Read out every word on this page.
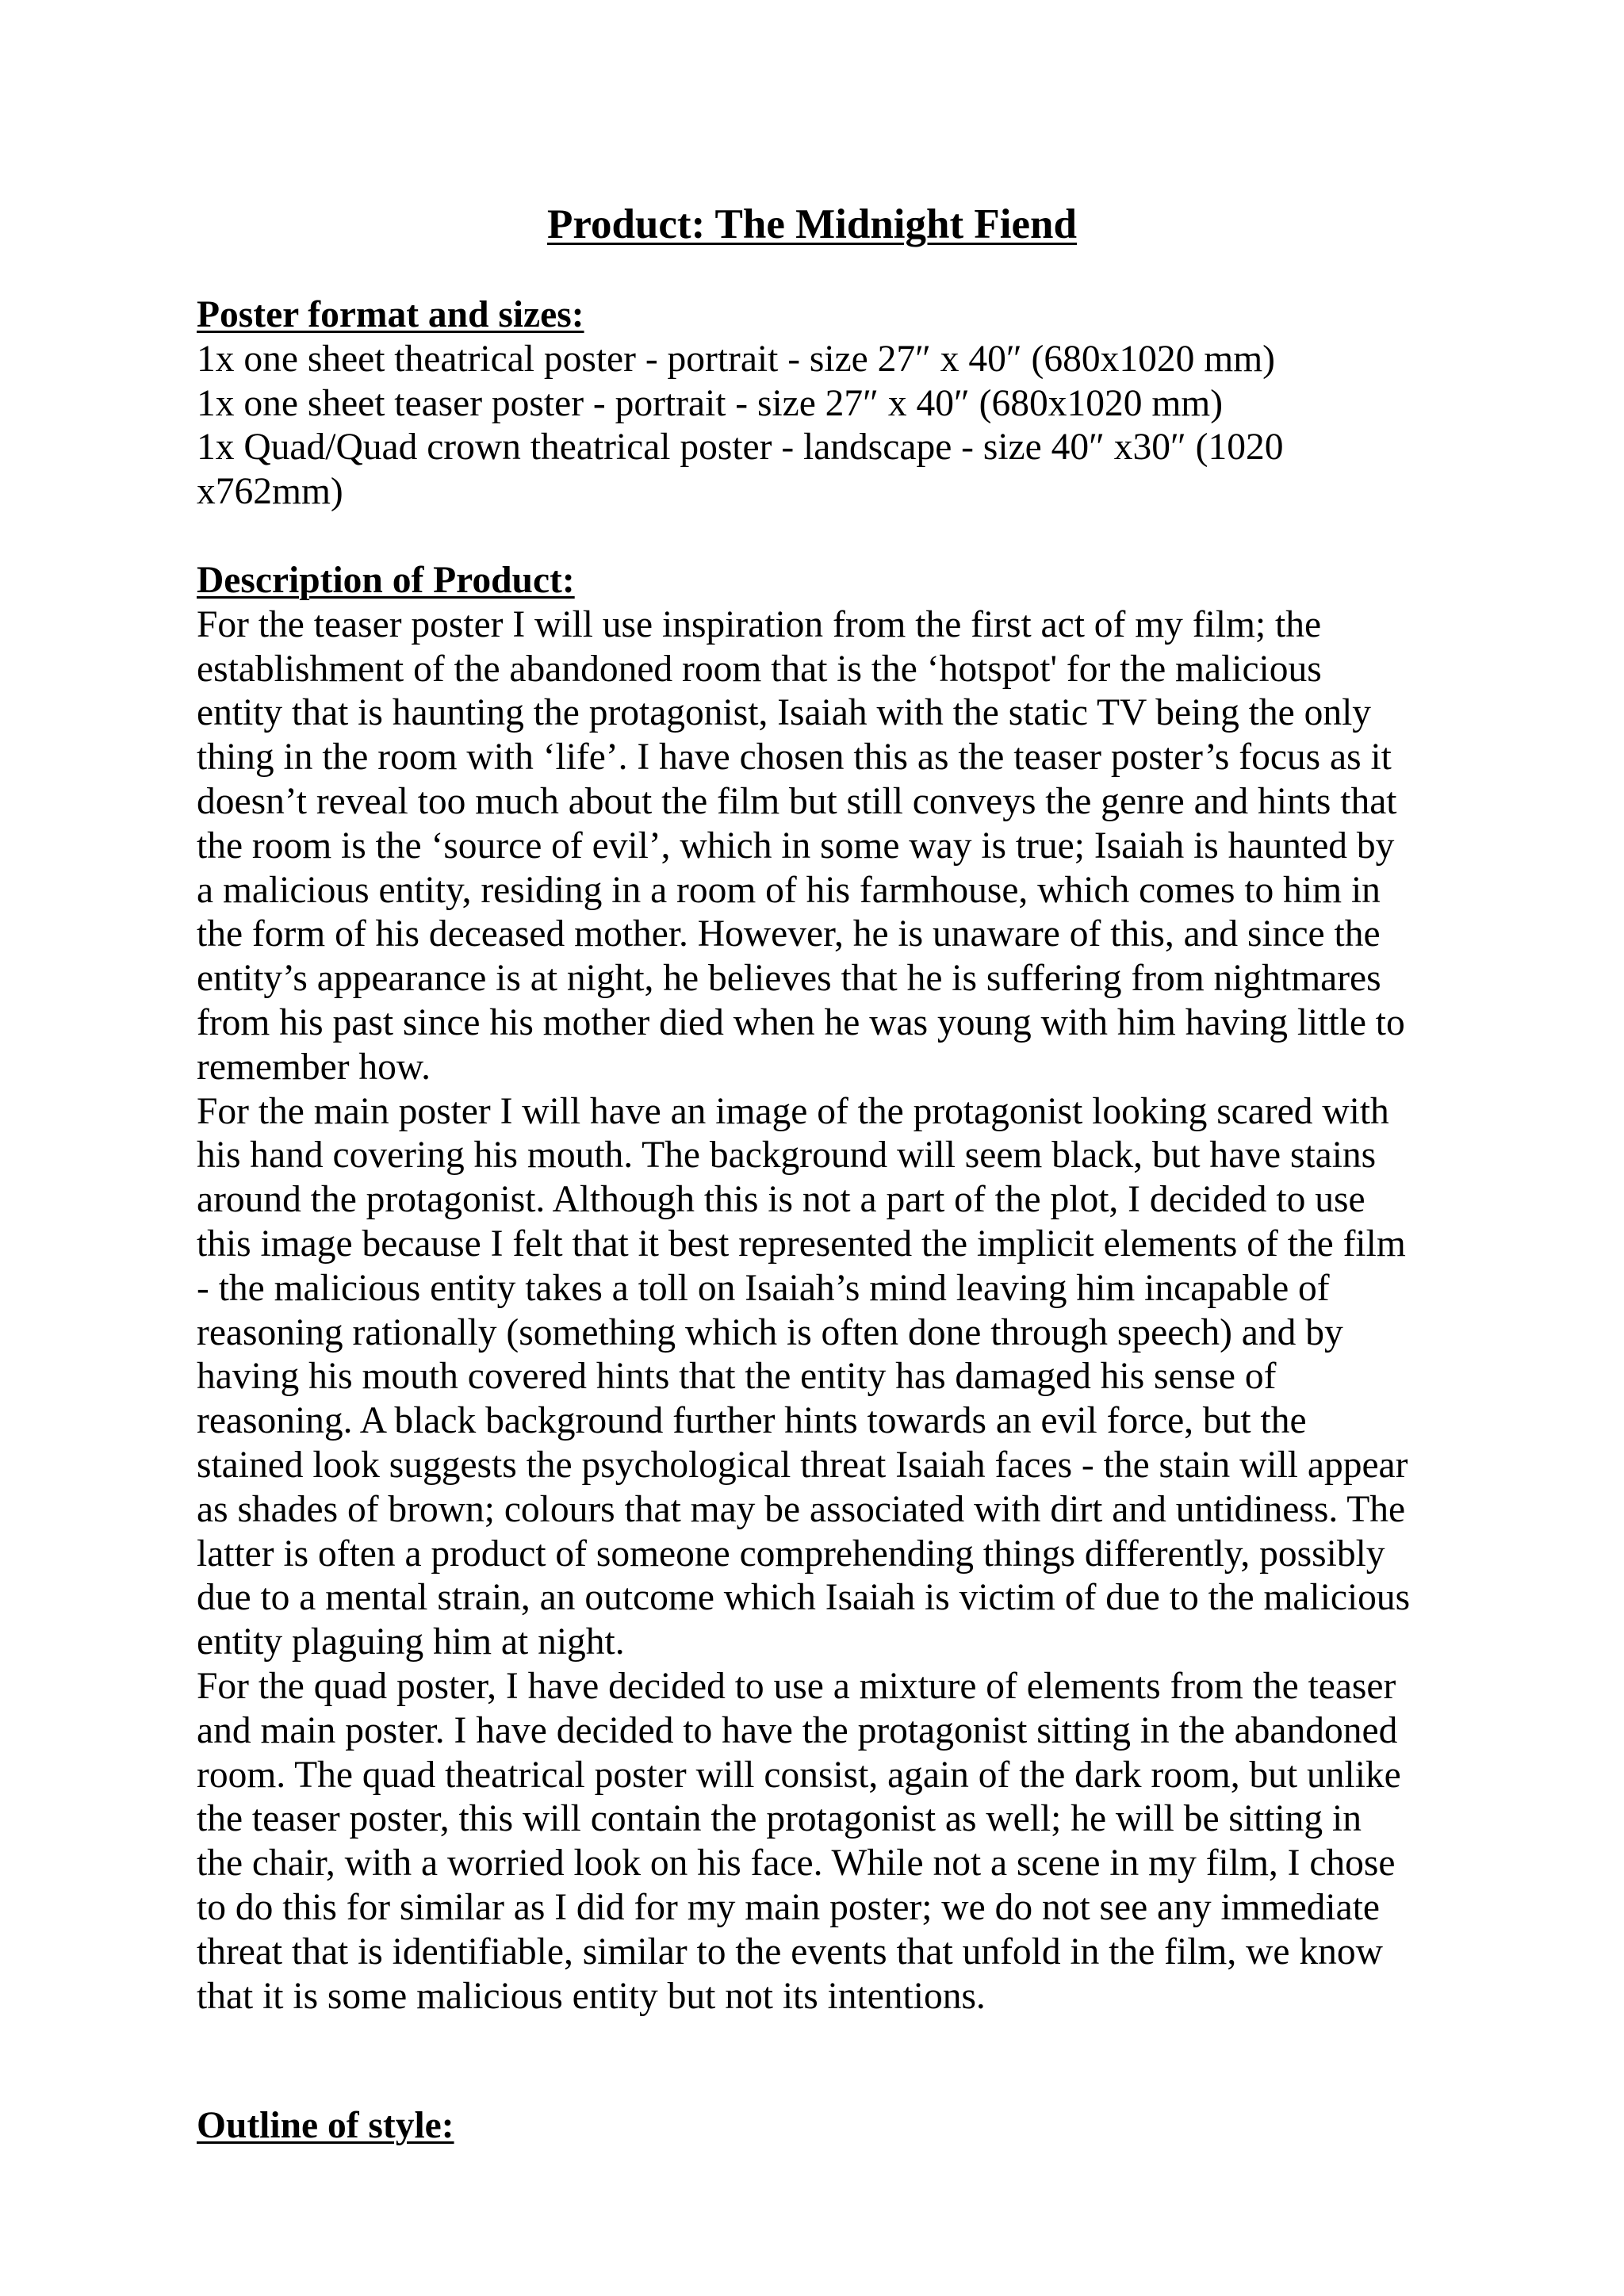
Product: The Midnight Fiend

Poster format and sizes:

1x one sheet theatrical poster - portrait - size 27″ x 40″ (680x1020 mm)

1x one sheet teaser poster - portrait - size 27″ x 40″ (680x1020 mm)

1x Quad/Quad crown theatrical poster - landscape - size 40″ x30″ (1020

x762mm)

Description of Product:

For the teaser poster I will use inspiration from the first act of my film; the

establishment of the abandoned room that is the ‘hotspot' for the malicious

entity that is haunting the protagonist, Isaiah with the static TV being the only

thing in the room with ‘life’. I have chosen this as the teaser poster’s focus as it

doesn’t reveal too much about the film but still conveys the genre and hints that

the room is the ‘source of evil’, which in some way is true; Isaiah is haunted by

a malicious entity, residing in a room of his farmhouse, which comes to him in

the form of his deceased mother. However, he is unaware of this, and since the

entity’s appearance is at night, he believes that he is suffering from nightmares

from his past since his mother died when he was young with him having little to

remember how.

For the main poster I will have an image of the protagonist looking scared with

his hand covering his mouth. The background will seem black, but have stains

around the protagonist. Although this is not a part of the plot, I decided to use

this image because I felt that it best represented the implicit elements of the film

- the malicious entity takes a toll on Isaiah’s mind leaving him incapable of

reasoning rationally (something which is often done through speech) and by

having his mouth covered hints that the entity has damaged his sense of

reasoning. A black background further hints towards an evil force, but the

stained look suggests the psychological threat Isaiah faces - the stain will appear

as shades of brown; colours that may be associated with dirt and untidiness. The

latter is often a product of someone comprehending things differently, possibly

due to a mental strain, an outcome which Isaiah is victim of due to the malicious

entity plaguing him at night.

For the quad poster, I have decided to use a mixture of elements from the teaser

and main poster. I have decided to have the protagonist sitting in the abandoned

room. The quad theatrical poster will consist, again of the dark room, but unlike

the teaser poster, this will contain the protagonist as well; he will be sitting in

the chair, with a worried look on his face. While not a scene in my film, I chose

to do this for similar as I did for my main poster; we do not see any immediate

threat that is identifiable, similar to the events that unfold in the film, we know

that it is some malicious entity but not its intentions.

Outline of style:
